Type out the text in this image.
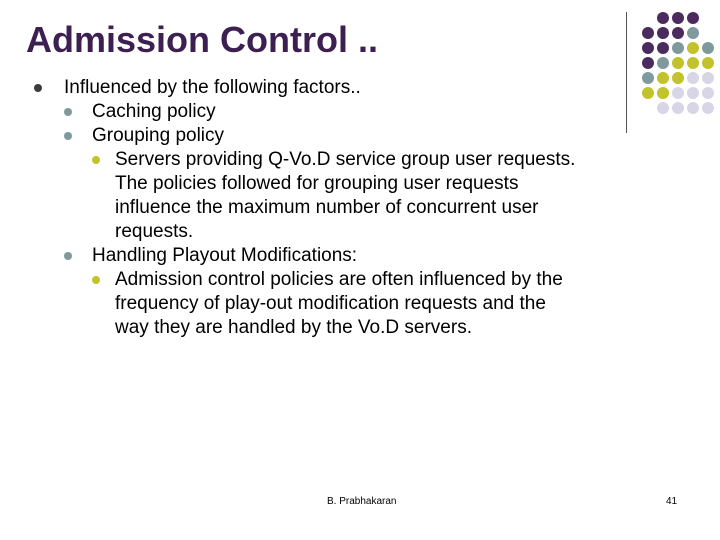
Admission Control ..
Influenced by the following factors..
Caching policy
Grouping policy
Servers providing Q-Vo.D service group user requests.
The policies followed for grouping user requests
influence the maximum number of concurrent user
requests.
Handling Playout Modifications:
Admission control policies are often influenced by the
frequency of play-out modification requests and the
way they are handled by the Vo.D servers.
B. Prabhakaran	41
